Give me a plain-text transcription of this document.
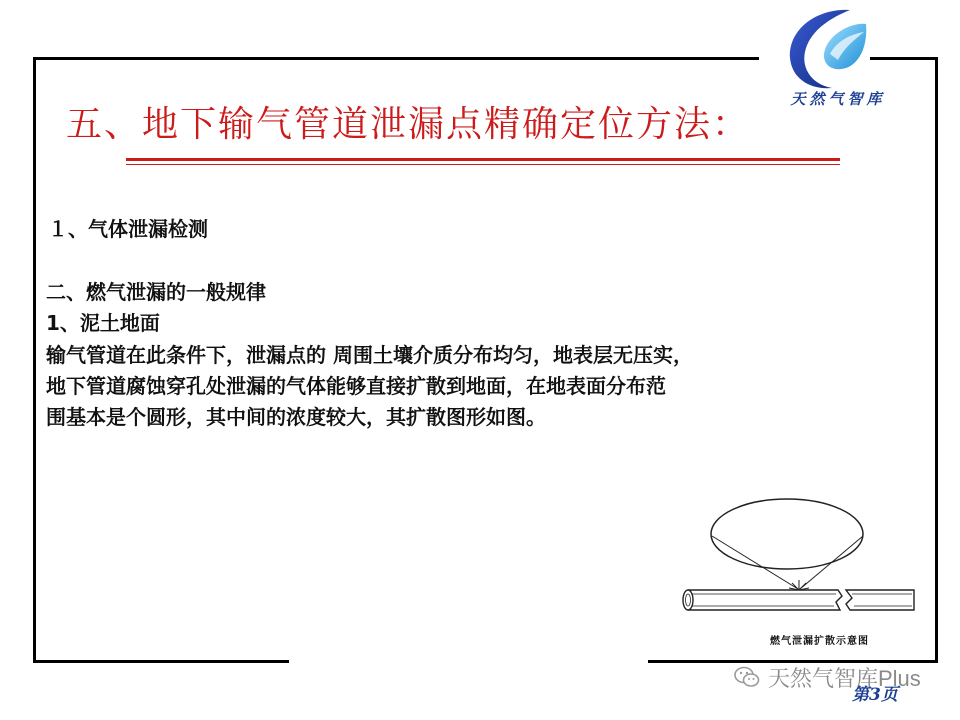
天然气智库
五、地下输气管道泄漏点精确定位方法：
１、气体泄漏检测
二、燃气泄漏的一般规律
1、泥土地面
输气管道在此条件下，泄漏点的 周围土壤介质分布均匀，地表层无压实，
地下管道腐蚀穿孔处泄漏的气体能够直接扩散到地面，在地表面分布范
围基本是个圆形，其中间的浓度较大，其扩散图形如图。
燃气泄漏扩散示意图
天然气智库Plus
第3页
